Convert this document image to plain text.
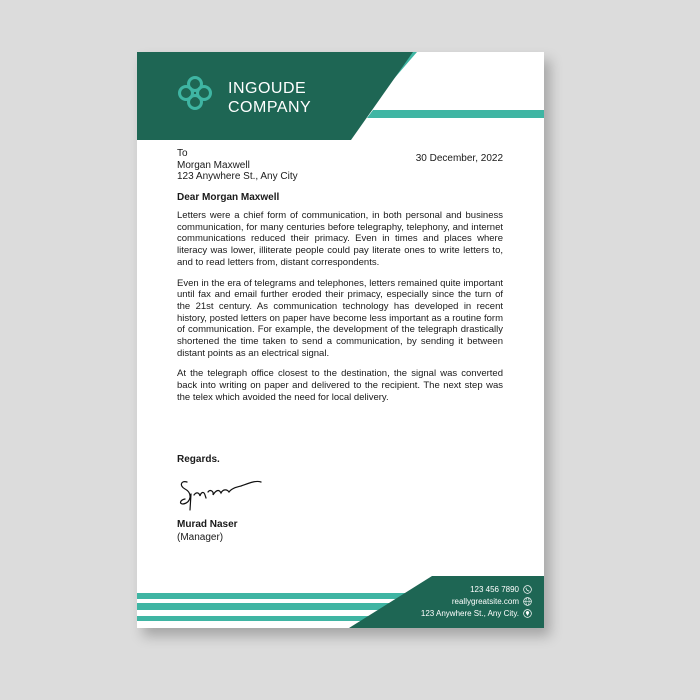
INGOUDE
COMPANY
To
Morgan Maxwell
123 Anywhere St., Any City
30 December, 2022
Dear Morgan Maxwell

Letters were a chief form of communication, in both personal and business communication, for many centuries before telegraphy, telephony, and internet communications reduced their primacy. Even in times and places where literacy was lower, illiterate people could pay literate ones to write letters to, and to read letters from, distant correspondents.

Even in the era of telegrams and telephones, letters remained quite important until fax and email further eroded their primacy, especially since the turn of the 21st century. As communication technology has developed in recent history, posted letters on paper have become less important as a routine form of communication. For example, the development of the telegraph drastically shortened the time taken to send a communication, by sending it between distant points as an electrical signal.

At the telegraph office closest to the destination, the signal was converted back into writing on paper and delivered to the recipient. The next step was the telex which avoided the need for local delivery.

Regards.
Murad Naser
(Manager)
123 456 7890
reallygreatsite.com
123 Anywhere St., Any City.
